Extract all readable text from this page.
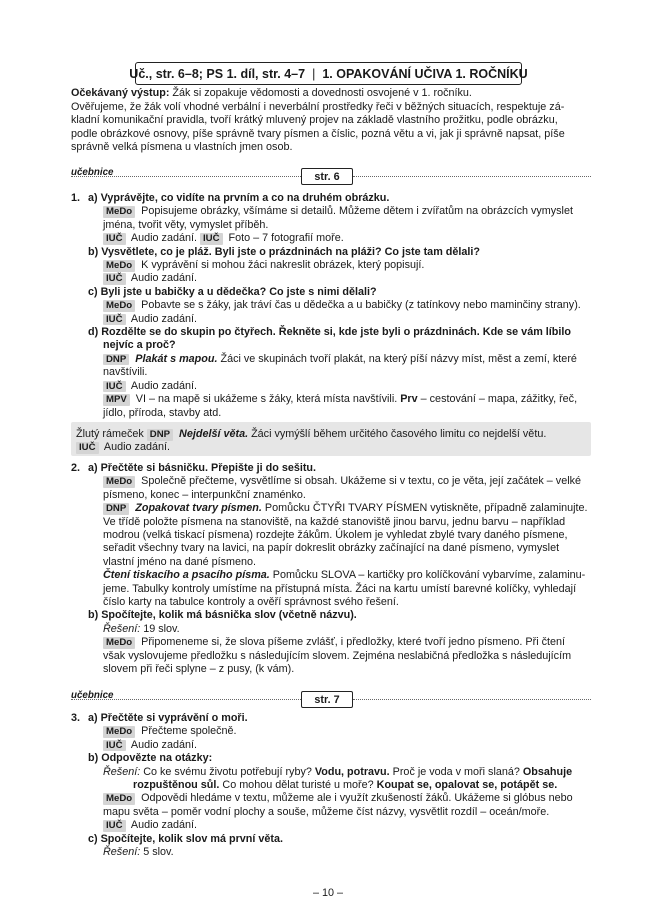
Uč., str. 6–8; PS 1. díl, str. 4–7 | 1. OPAKOVÁNÍ UČIVA 1. ROČNÍKU
Očekávaný výstup: Žák si zopakuje vědomosti a dovednosti osvojené v 1. ročníku.
Ověřujeme, že žák volí vhodné verbální i neverbální prostředky řeči v běžných situacích, respektuje zá-
kladní komunikační pravidla, tvoří krátký mluvený projev na základě vlastního prožitku, podle obrázku,
podle obrázkové osnovy, píše správně tvary písmen a číslic, pozná větu a vi, jak ji správně napsat, píše
správně velká písmena u vlastních jmen osob.
učebnice	str. 6
1. a) Vyprávějte, co vidíte na prvním a co na druhém obrázku.
MeDo Popisujeme obrázky, všímáme si detailů. Můžeme dětem i zvířatům na obrázcích vymyslet
jména, tvořit věty, vymyslet příběh.
IUČ Audio zadání. IUČ Foto – 7 fotografií moře.
b) Vysvětlete, co je pláž. Byli jste o prázdninách na pláži? Co jste tam dělali?
MeDo K vyprávění si mohou žáci nakreslit obrázek, který popisují.
IUČ Audio zadání.
c) Byli jste u babičky a u dědečka? Co jste s nimi dělali?
MeDo Pobavte se s žáky, jak tráví čas u dědečka a u babičky (z tatínkovy nebo maminčiny strany).
IUČ Audio zadání.
d) Rozdělte se do skupin po čtyřech. Řekněte si, kde jste byli o prázdninách. Kde se vám líbilo
nejvíc a proč?
DNP Plakát s mapou. Žáci ve skupinách tvoří plakát, na který píší názvy míst, měst a zemí, které
navštívili.
IUČ Audio zadání.
MPV VI – na mapě si ukážeme s žáky, která místa navštívili. Prv – cestování – mapa, zážitky, řeč,
jídlo, příroda, stavby atd.
Žlutý rámeček DNP Nejdelší věta. Žáci vymýšlí během určitého časového limitu co nejdelší větu.
IUČ Audio zadání.
2. a) Přečtěte si básničku. Přepište ji do sešitu.
MeDo Společně přečteme, vysvětlíme si obsah. Ukážeme si v textu, co je věta, její začátek – velké
písmeno, konec – interpunkční znaménko.
DNP Zopakovat tvary písmen. Pomůcku ČTYŘI TVARY PÍSMEN vytiskněte, případně zalaminujte.
Ve třídě položte písmena na stanoviště, na každé stanoviště jinou barvu, jednu barvu – například
modrou (velká tiskací písmena) rozdejte žákům. Úkolem je vyhledat zbylé tvary daného písmene,
seřadit všechny tvary na lavici, na papír dokreslit obrázky začínající na dané písmeno, vymyslet
vlastní jméno na dané písmeno.
Čtení tiskacího a psacího písma. Pomůcku SLOVA – kartičky pro kolíčkování vybarvíme, zalaminu-
jeme. Tabulky kontroly umístíme na přístupná místa. Žáci na kartu umístí barevné kolíčky, vyhledají
číslo karty na tabulce kontroly a ověří správnost svého řešení.
b) Spočítejte, kolik má básnička slov (včetně názvu).
Řešení: 19 slov.
MeDo Připomeneme si, že slova píšeme zvlášť, i předložky, které tvoří jedno písmeno. Při čtení
však vyslovujeme předložku s následujícím slovem. Zejména neslabičná předložka s následujícím
slovem při řeči splyne – z pusy, (k vám).
učebnice	str. 7
3. a) Přečtěte si vyprávění o moři.
MeDo Přečteme společně.
IUČ Audio zadání.
b) Odpovězte na otázky:
Řešení: Co ke svému životu potřebují ryby? Vodu, potravu. Proč je voda v moři slaná? Obsahuje
rozpuštěnou sůl. Co mohou dělat turisté u moře? Koupat se, opalovat se, potápět se.
MeDo Odpovědi hledáme v textu, můžeme ale i využít zkušeností žáků. Ukážeme si glóbus nebo
mapu světa – poměr vodní plochy a souše, můžeme číst názvy, vysvětlit rozdíl – oceán/moře.
IUČ Audio zadání.
c) Spočítejte, kolik slov má první věta.
Řešení: 5 slov.
– 10 –
